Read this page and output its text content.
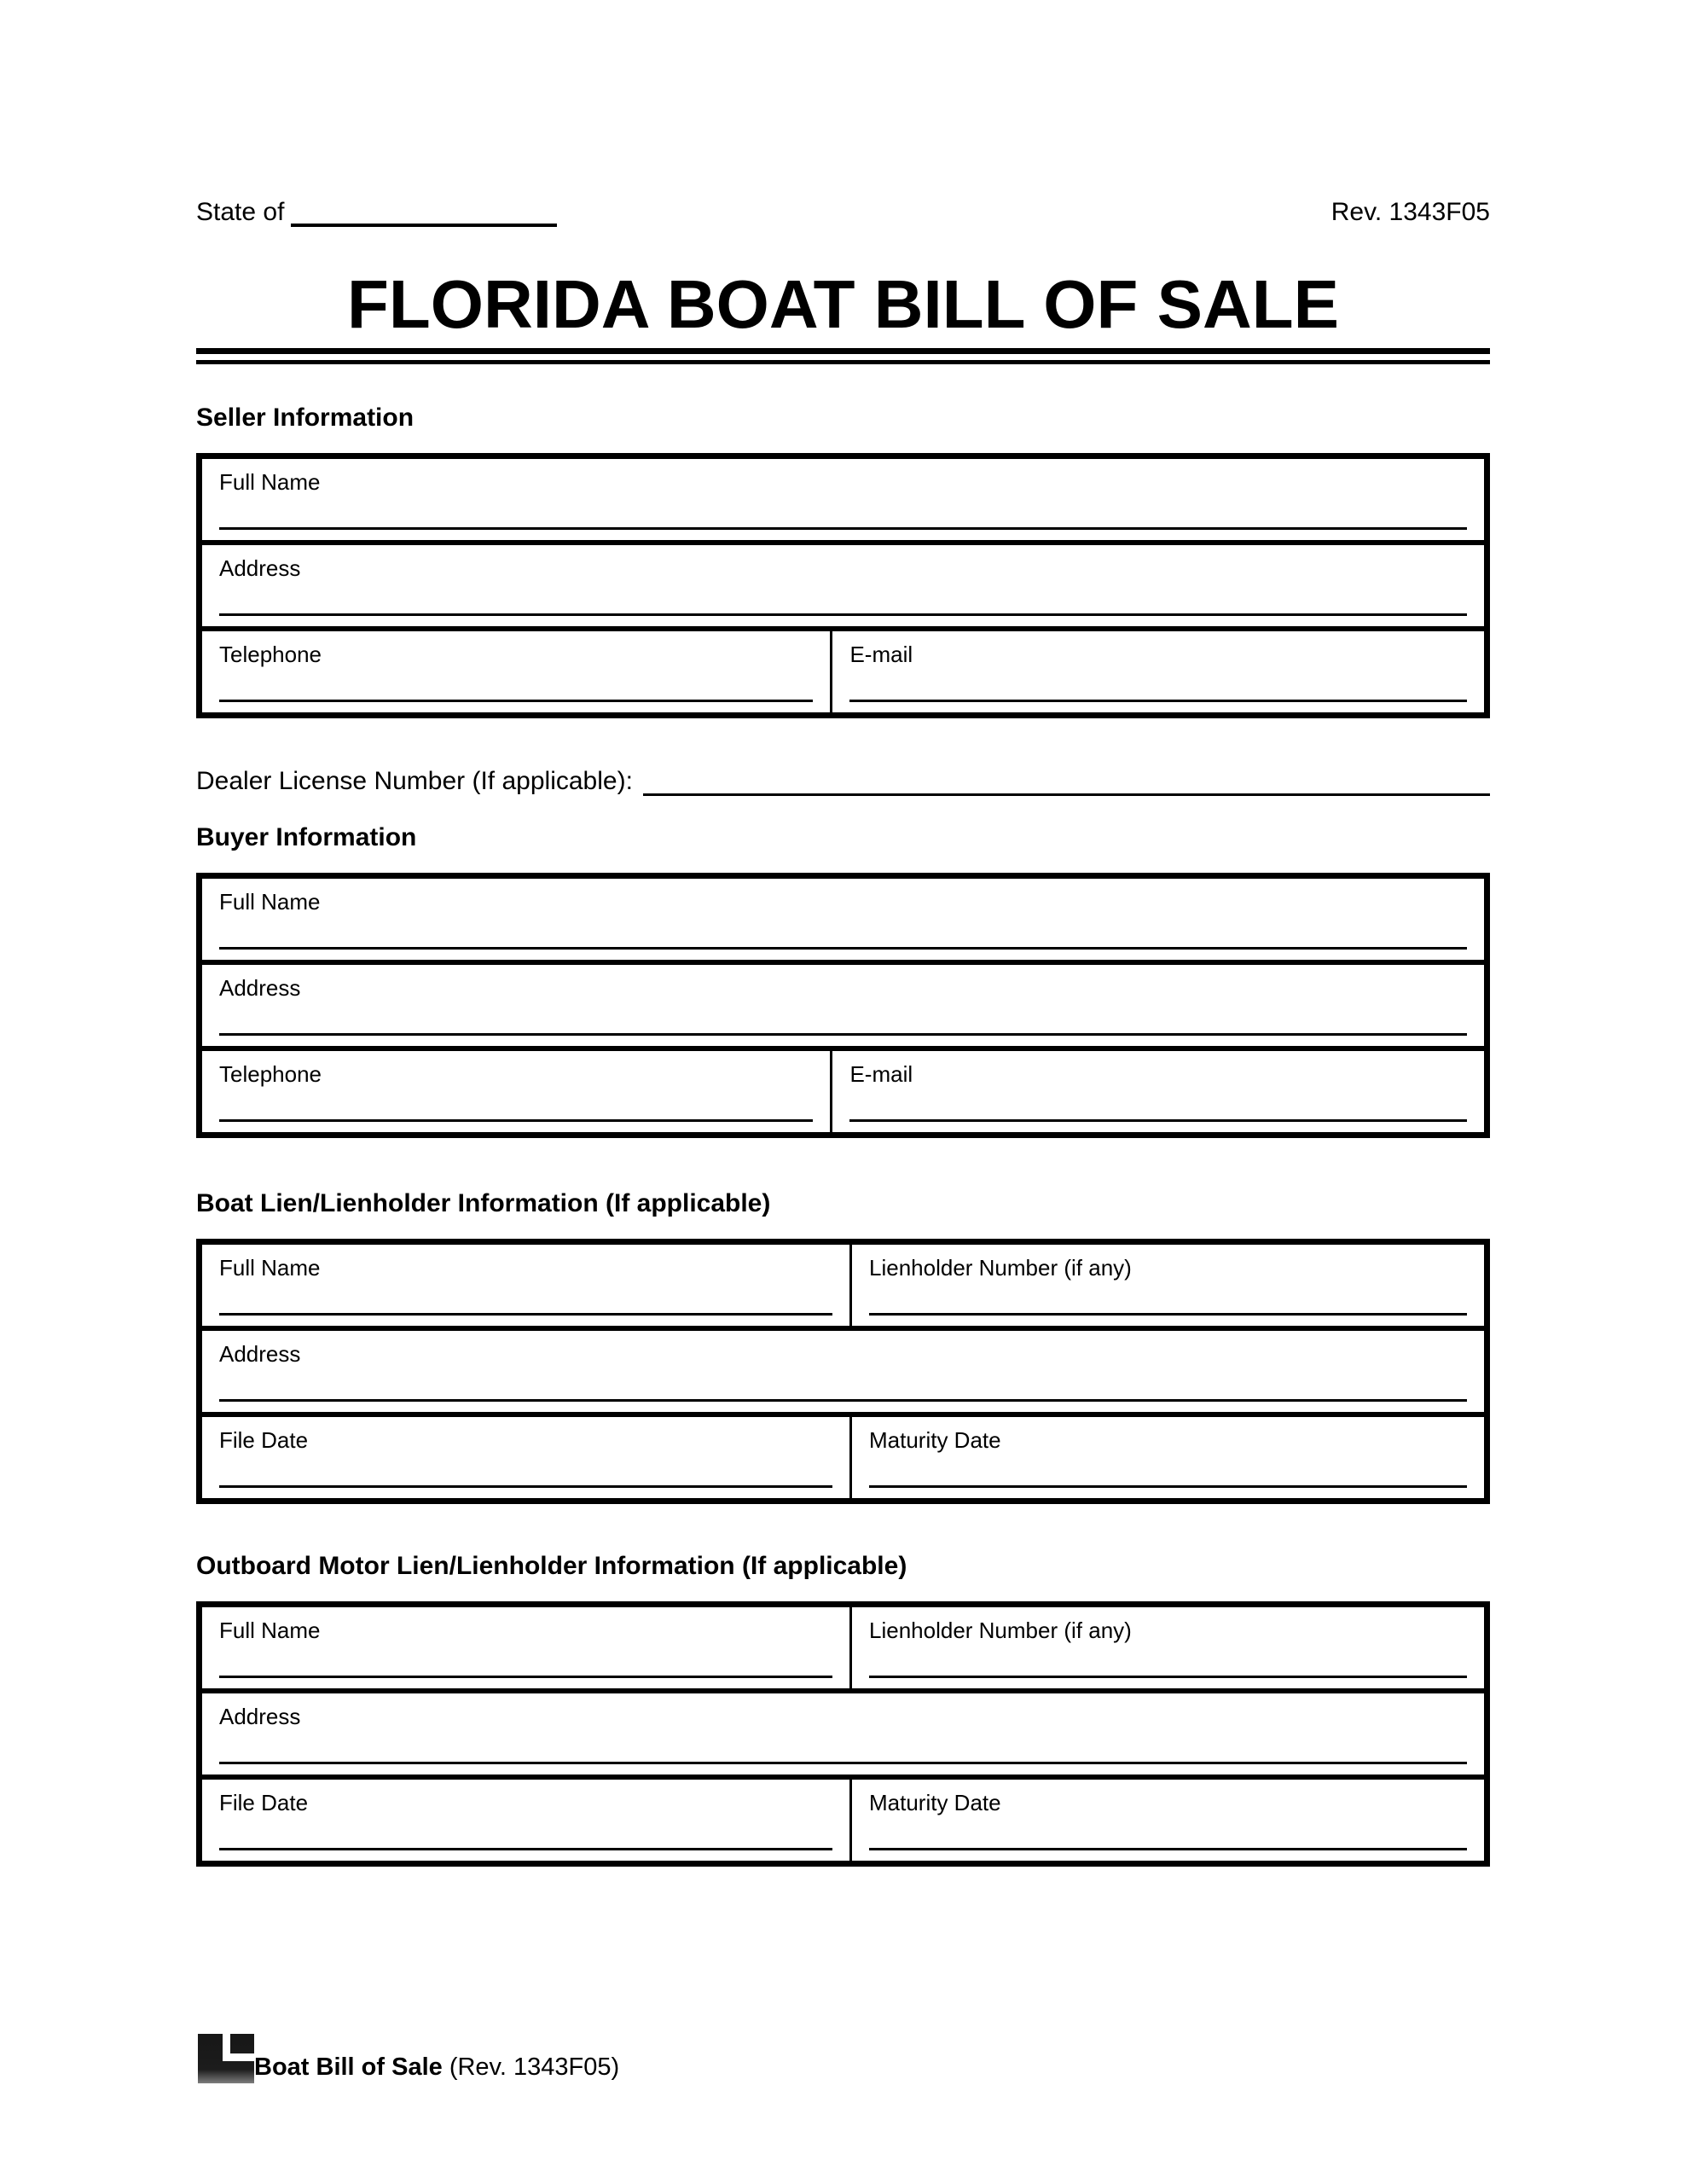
State of	Rev. 1343F05
FLORIDA BOAT BILL OF SALE
Seller Information
Full Name
Address
Telephone	E-mail
Dealer License Number (If applicable):
Buyer Information
Full Name
Address
Telephone	E-mail
Boat Lien/Lienholder Information (If applicable)
Full Name	Lienholder Number (if any)
Address
File Date	Maturity Date
Outboard Motor Lien/Lienholder Information (If applicable)
Full Name	Lienholder Number (if any)
Address
File Date	Maturity Date
Boat Bill of Sale (Rev. 1343F05)
